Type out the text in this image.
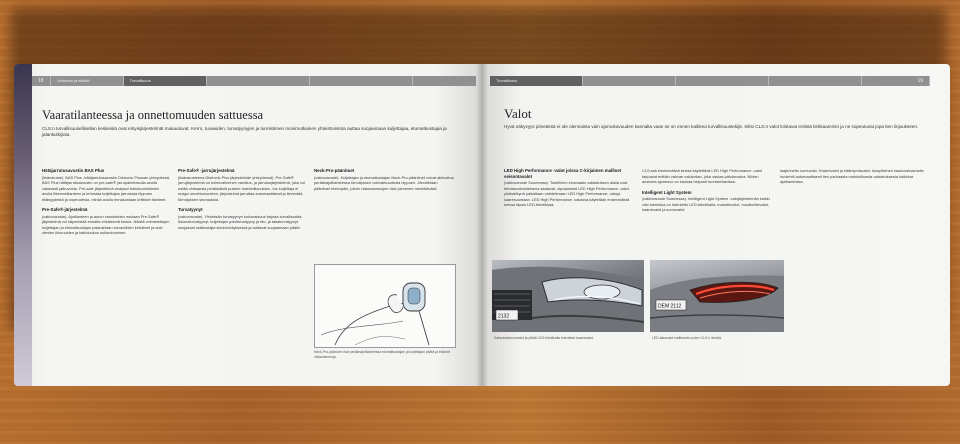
18	Johdanto ja sisältö	Turvallisuus
Vaaratilanteessa ja onnettomuuden sattuessa
CLS:n turvallisuusellisellan keskeisiä ovat erityisjärjestelmät mukautuvat. Kerro, tuvaeiden, turvatyynyjen ja tunnistimen monimutkainen yhteistoiminta auttaa suojaamaan kuljettajaa, etumatkustajaa ja jalankulkijoita.
Hätäjarrutusavustin BAS Plus
(lisävaruste). BAS Plus -hätäjarrutusavustin Distronic Plussan yhteydessä. BAS Plus hätäjarrutusavustin on pre-safe® jarrupainetasolla avulla vakavasti jatkuvoida. Pre-safe järjestelmä analysoi tutkatunnistimien avulla liikennetilanteen ja tehostaa kuljettajan jarrutusta riippuen etäisyydestä ja nopeudesta, minkä avulla ennakoidaan kriittiset tilanteet.
Pre-Safe®-järjestelmä
(vakiovaruste). Ajotilanteen ja auton varusteiden mukaan Pre-Safe® järjestelmä voi käynnistää ennalta ehkäiseviä toimia. Näistä voimistettujen kuljettajan ja etumatkustajan palautetaan turvavöiden kiristimet ja auki olevien ikkunoiden ja kattoluukun sulkeutuminen.
Pre-Safe® -jarrujärjestelmä
(lisävarusteena Distronic Plus järjestelmän yhteydessä). Pre-Safe® jarrujärjestelmä on kolmivaiheinen varoitus- ja jarrutusjärjestelmä, joka voi estää ohikaarsia peräkkäisiä puskee mahdollisuuksia. Jos kuljettaja ei reagoi onnettomuuteen, järjestelmä jarruttaa automaattisesti ja lieventää törmäyksen seurauksia.
Turvatyynyt
(vakiovaruste). Yhdeksän turvatyynyn kokonaisuus tarjoaa turvallisuutta. Ikkunaturvatyynyt, kuljettajan polviturvatyyny ja etu- ja takaturvatyynyt suojaavat matkustajia sivutörmäyksessä ja auttavat suojaamaan päätä.
Neck-Pro-päänituet
(vakiovaruste). Kuljettajan ja etumatkustajan Neck-Pro-päänituet voivat aktivoitua peräänajotilanteessa törmäyksen voimakkuudesta riippuen. Jännitetaan päänituet eteenpäin, jolloin niskavammojen riski pienenee merkittävästi.
Neck-Pro-päänuet ovat peräänajotilanteessa etumatkustajan ja kuljettajan päätä ja estävät niskavammoja.
Turvallisuus	19
Valot
Hyvä näkyvyys pimeässä ei ole olennaista vain ajomukavuuden kannalta vaan se on ennen kaikkea turvallisuustekijä. Siksi CLS:n valot loistavat entistä kirkkaammin ja ne sopeutuvat jopa tien linjaukseen.
LED High Performance -valot joissa C-kirjaimen malliset seisontavalot
(vakiovaruste Suomessa). Todellinen innovaatio valaistuksen alalla ovat tehdasvalmisteisena saatavat, dynaamiset LED High Performance -valot yhdistettynä paikaltaan vaihtelevaan LED High Performance -valoja kaaresuuntaan. LED High Performance -valoissa käytetään ensimmäistä kertaa täysin LED-tekniikkaa.
CLS:ssä ensimmäistä kertaa käytettävä LED High Performance -valot tarjoavat erittäin vahvan valokeilan, joka vastaa päivänvaloa. Niiden ansiosta ajoneuvo on kaukaa helposti tunnistettavissa.
Intelligent Light System
(vakiovaruste Suomessa). Intelligent Light System -valojärjestelmän kaikki viisi toimintoa on toteutettu LED-tekniikalla: maantievalot, moottoritievalot, kaarrevalot ja sumuvalot.
laajennettu sumuvalo. Kaarrevalot ja kääntymisvalot. Adaptiivinen kaukovaloavustin huolehtii automaattisesti tien parhaasta mahdollisesta valaistuksesta kaikkina ajotilanteissa.
2132
Kaksoisksenonvalot ja pitkät LED-tekniikalla toteutetut kaarrevalot.
DEM 2112
LED-takavalot hallitsevat uuden CLS:n ilmettä.
